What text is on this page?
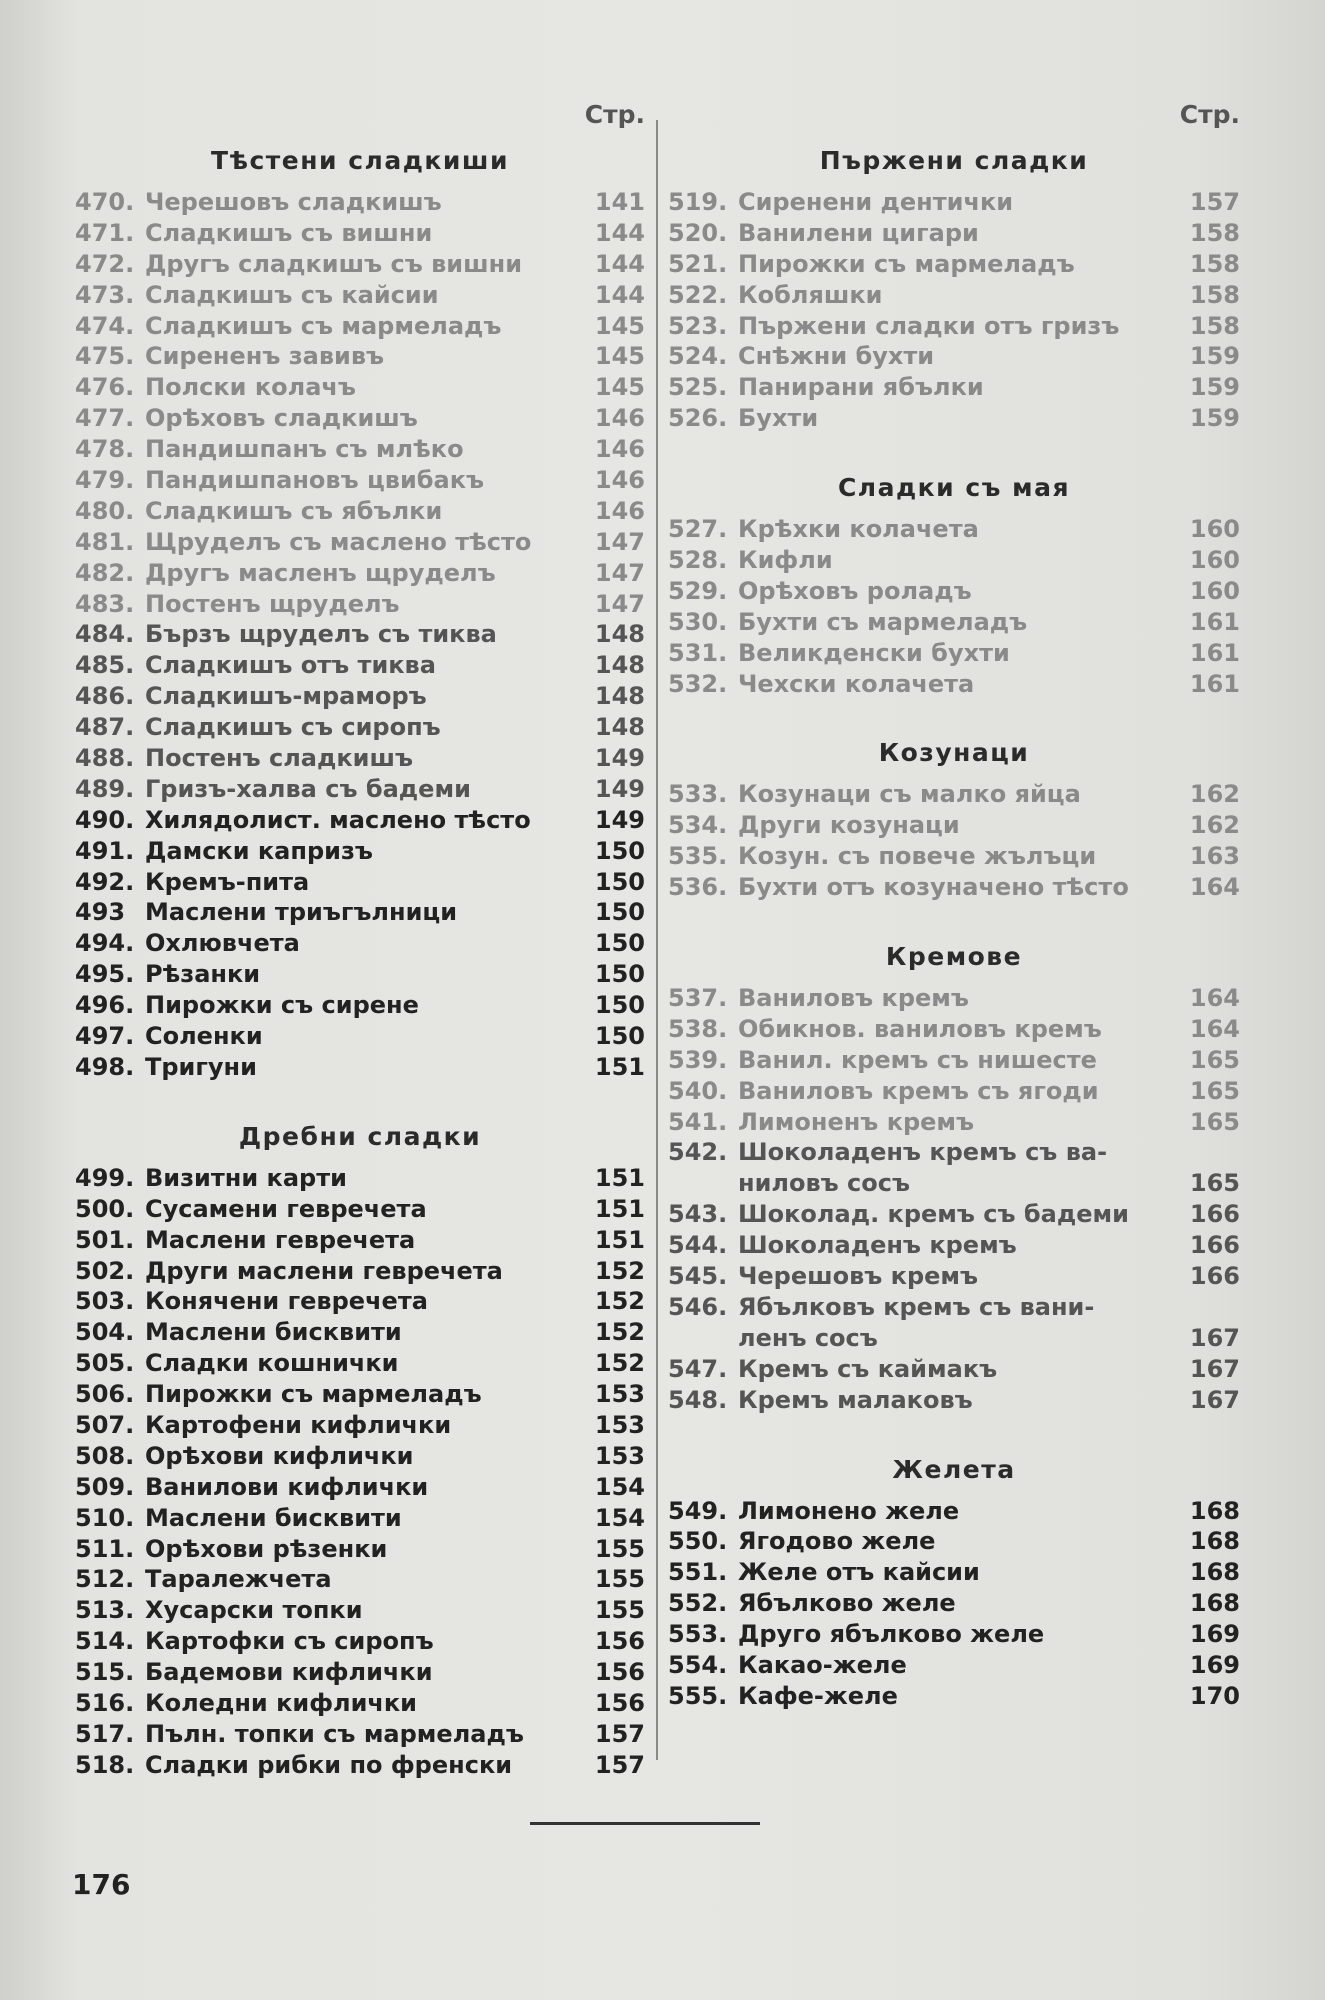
Стр.
Тѣстени сладкиши
470. Черешовъ сладкишъ	141
471. Сладкишъ съ вишни	144
472. Другъ сладкишъ съ вишни	144
473. Сладкишъ съ кайсии	144
474. Сладкишъ съ мармеладъ	145
475. Сирененъ завивъ	145
476. Полски колачъ	145
477. Орѣховъ сладкишъ	146
478. Пандишпанъ съ млѣко	146
479. Пандишпановъ цвибакъ	146
480. Сладкишъ съ ябълки	146
481. Щруделъ съ маслено тѣсто	147
482. Другъ масленъ щруделъ	147
483. Постенъ щруделъ	147
484. Бързъ щруделъ съ тиква	148
485. Сладкишъ отъ тиква	148
486. Сладкишъ-мраморъ	148
487. Сладкишъ съ сиропъ	148
488. Постенъ сладкишъ	149
489. Гризъ-халва съ бадеми	149
490. Хилядолист. маслено тѣсто	149
491. Дамски капризъ	150
492. Кремъ-пита	150
493 Маслени триъгълници	150
494. Охлювчета	150
495. Рѣзанки	150
496. Пирожки съ сирене	150
497. Соленки	150
498. Тригуни	151
Дребни сладки
499. Визитни карти	151
500. Сусамени гевречета	151
501. Маслени гевречета	151
502. Други маслени гевречета	152
503. Конячени гевречета	152
504. Маслени бисквити	152
505. Сладки кошнички	152
506. Пирожки съ мармеладъ	153
507. Картофени кифлички	153
508. Орѣхови кифлички	153
509. Ванилови кифлички	154
510. Маслени бисквити	154
511. Орѣхови рѣзенки	155
512. Таралежчета	155
513. Хусарски топки	155
514. Картофки съ сиропъ	156
515. Бадемови кифлички	156
516. Коледни кифлички	156
517. Пълн. топки съ мармеладъ	157
518. Сладки рибки по френски	157
Стр.
Пържени сладки
519. Сиренени дентички	157
520. Ванилени цигари	158
521. Пирожки съ мармеладъ	158
522. Кобляшки	158
523. Пържени сладки отъ гризъ	158
524. Снѣжни бухти	159
525. Панирани ябълки	159
526. Бухти	159
Сладки съ мая
527. Крѣхки колачета	160
528. Кифли	160
529. Орѣховъ роладъ	160
530. Бухти съ мармеладъ	161
531. Великденски бухти	161
532. Чехски колачета	161
Козунаци
533. Козунаци съ малко яйца	162
534. Други козунаци	162
535. Козун. съ повече жълъци	163
536. Бухти отъ козуначено тѣсто	164
Кремове
537. Ваниловъ кремъ	164
538. Обикнов. ваниловъ кремъ	164
539. Ванил. кремъ съ нишесте	165
540. Ваниловъ кремъ съ ягоди	165
541. Лимоненъ кремъ	165
542. Шоколаденъ кремъ съ ва-
ниловъ сосъ	165
543. Шоколад. кремъ съ бадеми	166
544. Шоколаденъ кремъ	166
545. Черешовъ кремъ	166
546. Ябълковъ кремъ съ вани-
ленъ сосъ	167
547. Кремъ съ каймакъ	167
548. Кремъ малаковъ	167
Желета
549. Лимонено желе	168
550. Ягодово желе	168
551. Желе отъ кайсии	168
552. Ябълково желе	168
553. Друго ябълково желе	169
554. Какао-желе	169
555. Кафе-желе	170
176
